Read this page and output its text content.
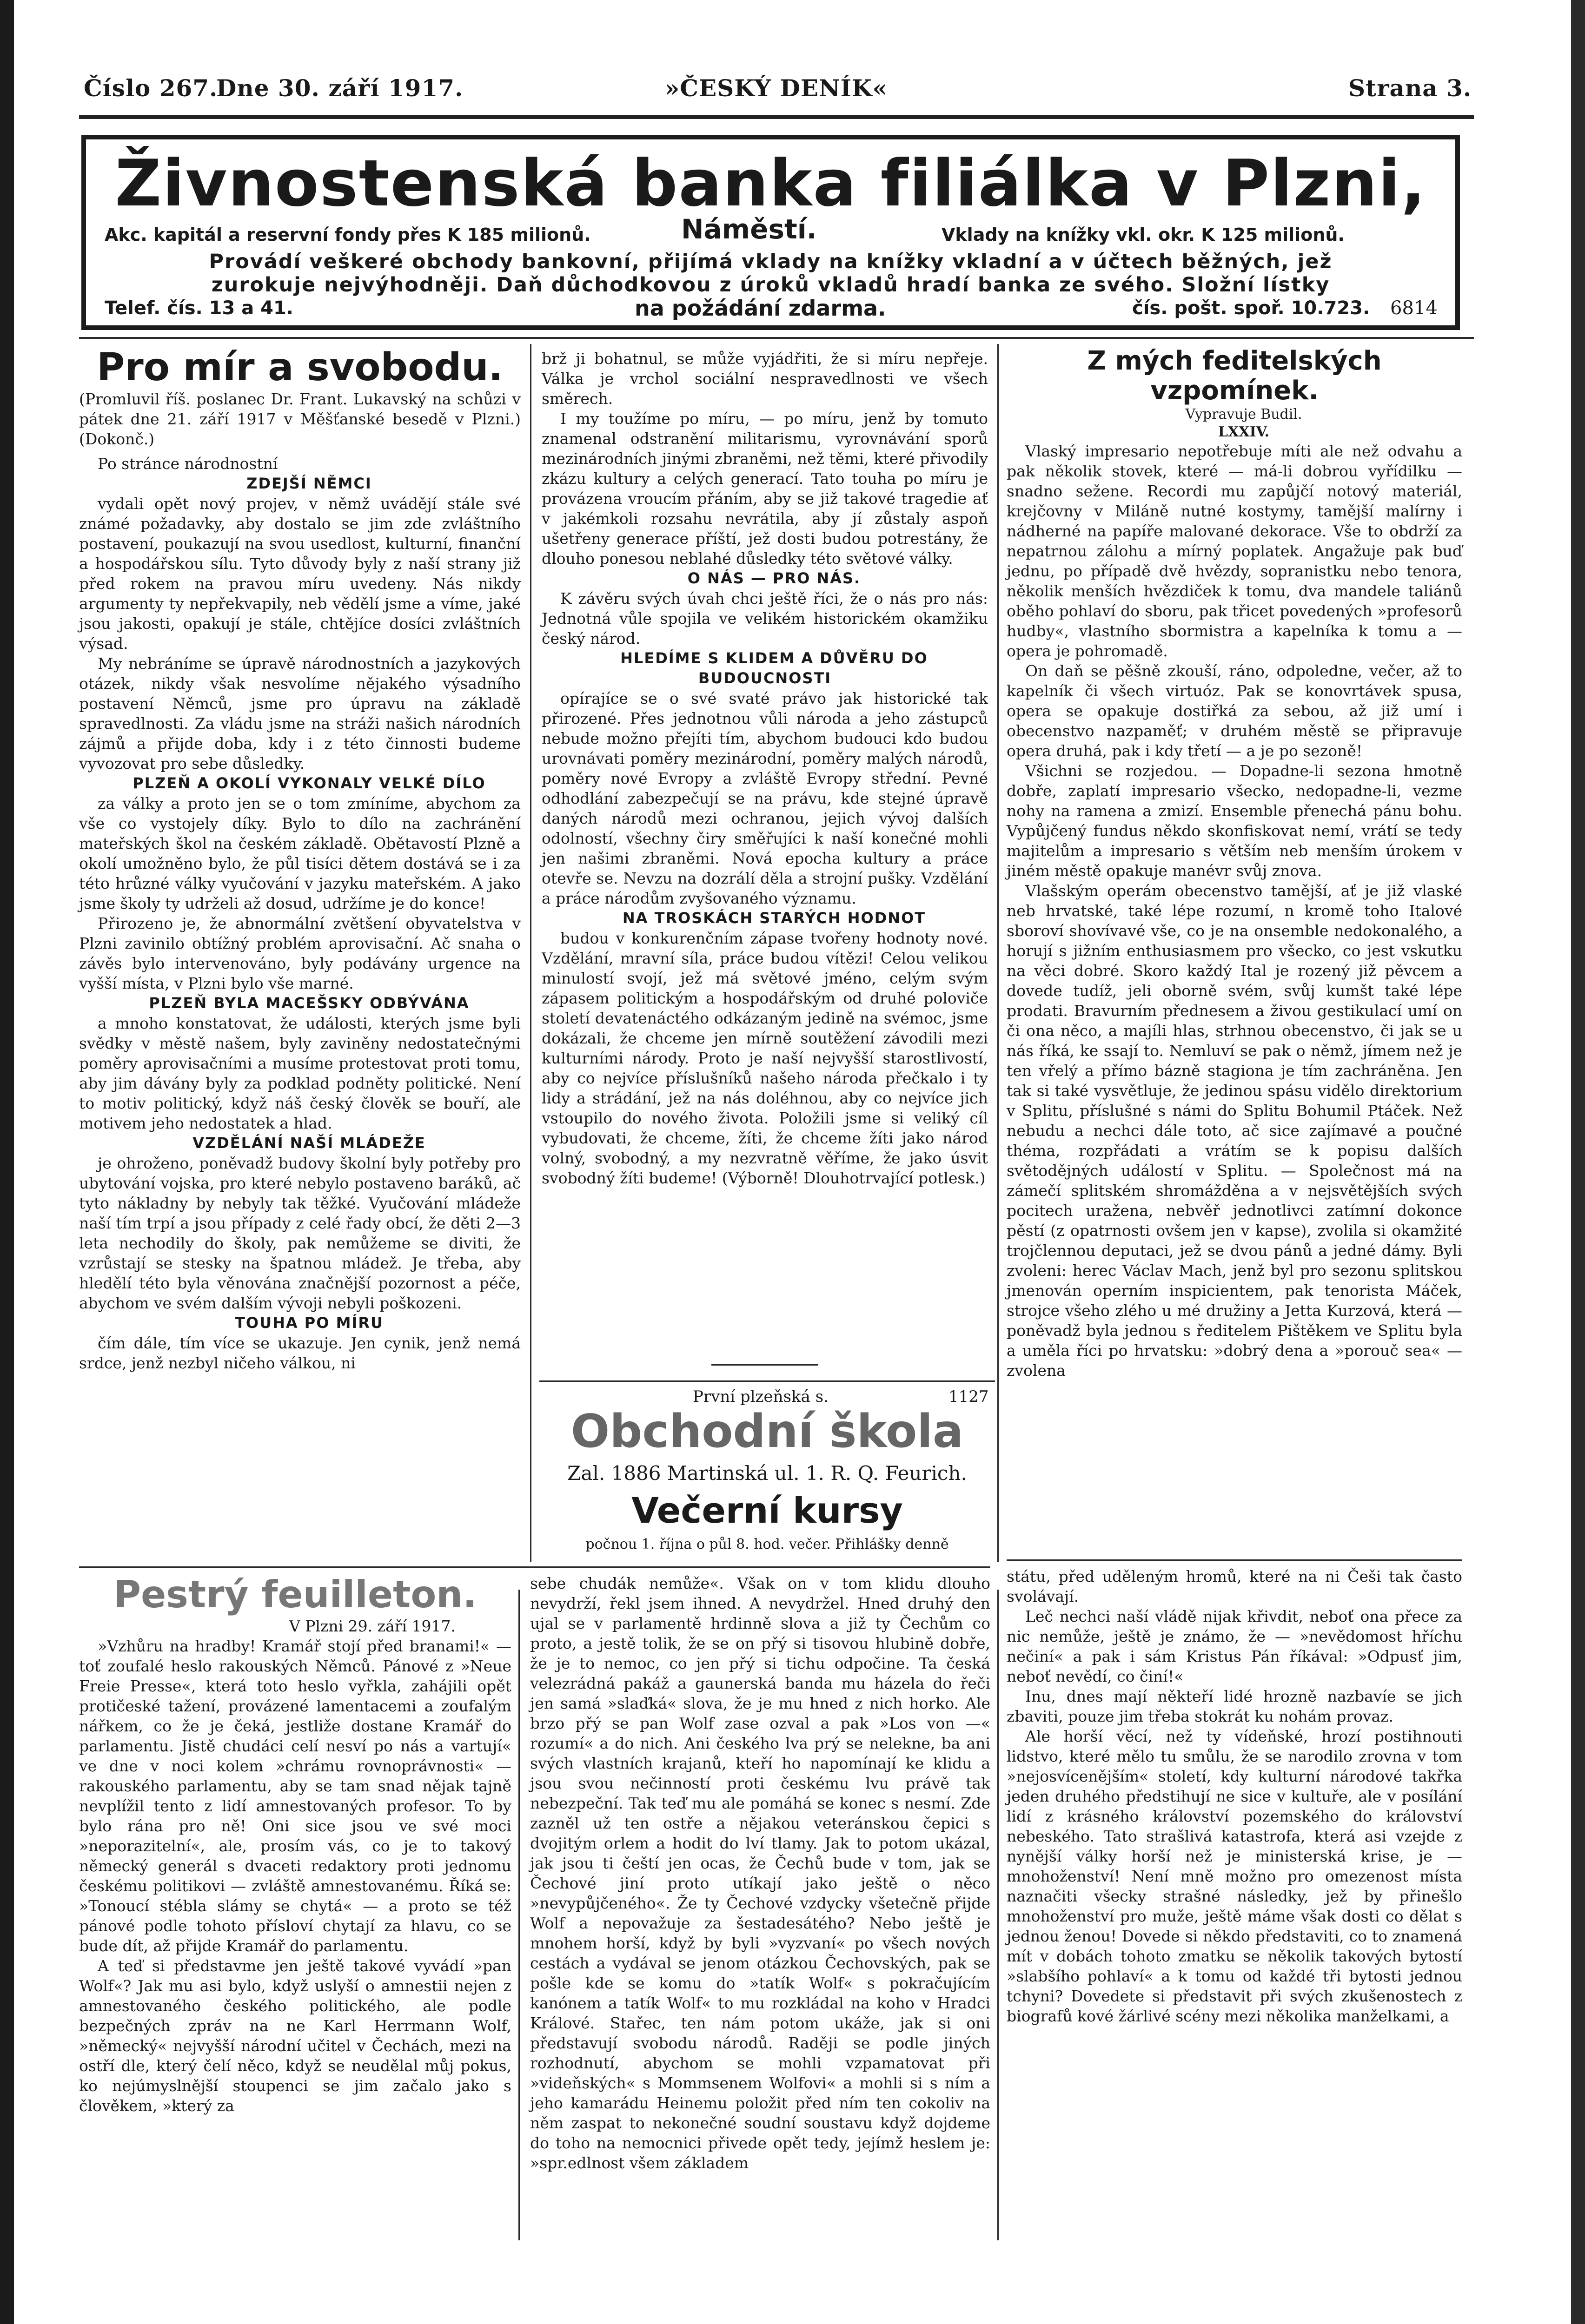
Číslo 267.
Dne 30. září 1917.	»ČESKÝ DENÍK«	Strana 3.

Živnostenská banka filiálka v Plzni,

Akc. kapitál a reservní fondy přes K 185 milionů.	Náměstí.	Vklady na knížky vkl. okr. K 125 milionů.
Provádí veškeré obchody bankovní, přijímá vklady na knížky vkladní a v účtech běžných, jež
zurokuje nejvýhodněji. Daň důchodkovou z úroků vkladů hradí banka ze svého. Složní lístky
Telef. čís. 13 a 41.	na požádání zdarma.	čís. pošt. spoř. 10.723. 6814

Pro mír a svobodu.

(Promluvil říš. poslanec Dr. Frant. Lukavský na schůzi v pátek dne 21. září 1917 v Měšťanské besedě v Plzni.) (Dokonč.)

Po stránce národnostní

ZDEJŠÍ NĚMCI

vydali opět nový projev, v němž uvádějí stále své známé požadavky, aby dostalo se jim zde zvláštního postavení, poukazují na svou usedlost, kulturní, finanční a hospodářskou sílu. Tyto důvody byly z naší strany již před rokem na pravou míru uvedeny. Nás nikdy argumenty ty nepřekvapily, neb vědělí jsme a víme, jaké jsou jakosti, opakují je stále, chtějíce dosíci zvláštních výsad.

My nebráníme se úpravě národnostních a jazykových otázek, nikdy však nesvolíme nějakého výsadního postavení Němců, jsme pro úpravu na základě spravedlnosti. Za vládu jsme na stráži našich národních zájmů a přijde doba, kdy i z této činnosti budeme vyvozovat pro sebe důsledky.

PLZEŇ A OKOLÍ VYKONALY VELKÉ DÍLO

za války a proto jen se o tom zmíníme, abychom za vše co vystojely díky. Bylo to dílo na zachránění mateřských škol na českém základě. Obětavostí Plzně a okolí umožněno bylo, že půl tisíci dětem dostává se i za této hrůzné války vyučování v jazyku mateřském. A jako jsme školy ty udrželi až dosud, udržíme je do konce!

Přirozeno je, že abnormální zvětšení obyvatelstva v Plzni zavinilo obtížný problém aprovisační. Ač snaha o závěs bylo intervenováno, byly podávány urgence na vyšší místa, v Plzni bylo vše marné.

PLZEŇ BYLA MACEŠSKY ODBÝVÁNA

a mnoho konstatovat, že události, kterých jsme byli svědky v městě našem, byly zaviněny nedostatečnými poměry aprovisačními a musíme protestovat proti tomu, aby jim dávány byly za podklad podněty politické. Není to motiv politický, když náš český člověk se bouří, ale motivem jeho nedostatek a hlad.

VZDĚLÁNÍ NAŠÍ MLÁDEŽE

je ohroženo, poněvadž budovy školní byly potřeby pro ubytování vojska, pro které nebylo postaveno baráků, ač tyto nákladny by nebyly tak těžké. Vyučování mládeže naší tím trpí a jsou případy z celé řady obcí, že děti 2—3 leta nechodily do školy, pak nemůžeme se diviti, že vzrůstají se stesky na špatnou mládež. Je třeba, aby hledělí této byla věnována značnější pozornost a péče, abychom ve svém dalším vývoji nebyli poškozeni.

TOUHA PO MÍRU

čím dále, tím více se ukazuje. Jen cynik, jenž nemá srdce, jenž nezbyl ničeho válkou, ni

brž ji bohatnul, se může vyjádřiti, že si míru nepřeje. Válka je vrchol sociální nespravedlnosti ve všech směrech.

I my toužíme po míru, — po míru, jenž by tomuto znamenal odstranění militarismu, vyrovnávání sporů mezinárodních jinými zbraněmi, než těmi, které přivodily zkázu kultury a celých generací. Tato touha po míru je provázena vroucím přáním, aby se již takové tragedie ať v jakémkoli rozsahu nevrátila, aby jí zůstaly aspoň ušetřeny generace příští, jež dosti budou potrestány, že dlouho ponesou neblahé důsledky této světové války.

O NÁS — PRO NÁS.

K závěru svých úvah chci ještě říci, že o nás pro nás: Jednotná vůle spojila ve velikém historickém okamžiku český národ.

HLEDÍME S KLIDEM A DŮVĚRU DO BUDOUCNOSTI

opírajíce se o své svaté právo jak historické tak přirozené. Přes jednotnou vůli národa a jeho zástupců nebude možno přejíti tím, abychom budouci kdo budou urovnávati poměry mezinárodní, poměry malých národů, poměry nové Evropy a zvláště Evropy střední. Pevné odhodlání zabezpečují se na právu, kde stejné úpravě daných národů mezi ochranou, jejich vývoj dalších odolností, všechny čiry směřujíci k naší konečné mohli jen našimi zbraněmi. Nová epocha kultury a práce otevře se. Nevzu na dozrálí děla a strojní pušky. Vzdělání a práce národům zvyšovaného významu.

NA TROSKÁCH STARÝCH HODNOT

budou v konkurenčním zápase tvořeny hodnoty nové. Vzdělání, mravní síla, práce budou vítězi! Celou velikou minulostí svojí, jež má světové jméno, celým svým zápasem politickým a hospodářským od druhé poloviče století devatenáctého odkázaným jedině na svémoc, jsme dokázali, že chceme jen mírně soutěžení závodili mezi kulturními národy. Proto je naší nejvyšší starostlivostí, aby co nejvíce příslušníků našeho národa přečkalo i ty lidy a strádání, jež na nás doléhnou, aby co nejvíce jich vstoupilo do nového života. Položili jsme si veliký cíl vybudovati, že chceme, žíti, že chceme žíti jako národ volný, svobodný, a my nezvratně věříme, že jako úsvit svobodný žíti budeme! (Výborně! Dlouhotrvající potlesk.)

První plzeňská s.	1127
Obchodní škola
Zal. 1886 Martinská ul. 1. R. Q. Feurich.
Večerní kursy
počnou 1. října o půl 8. hod. večer. Přihlášky denně

Z mých feditelských vzpomínek.

Vypravuje Budil.

LXXIV.

Vlaský impresario nepotřebuje míti ale než odvahu a pak několik stovek, které — má-li dobrou vyřídilku — snadno sežene. Recordi mu zapůjčí notový materiál, krejčovny v Miláně nutné kostymy, tamější malírny i nádherné na papíře malované dekorace. Vše to obdrží za nepatrnou zálohu a mírný poplatek. Angažuje pak buď jednu, po případě dvě hvězdy, sopranistku nebo tenora, několik menších hvězdiček k tomu, dva mandele taliánů oběho pohlaví do sboru, pak třicet povedených »profesorů hudby«, vlastního sbormistra a kapelníka k tomu a — opera je pohromadě.

On daň se pěšně zkouší, ráno, odpoledne, večer, až to kapelník či všech virtuóz. Pak se konovrtávek spusa, opera se opakuje dostiřká za sebou, až již umí i obecenstvo nazpaměť; v druhém městě se připravuje opera druhá, pak i kdy třetí — a je po sezoně!

Všichni se rozjedou. — Dopadne-li sezona hmotně dobře, zaplatí impresario všecko, nedopadne-li, vezme nohy na ramena a zmizí. Ensemble přenechá pánu bohu. Vypůjčený fundus někdo skonfiskovat nemí, vrátí se tedy majitelům a impresario s větším neb menším úrokem v jiném městě opakuje manévr svůj znova.

Vlašským operám obecenstvo tamější, ať je již vlaské neb hrvatské, také lépe rozumí, n kromě toho Italové sboroví shovívavé vše, co je na onsemble nedokonalého, a horují s jižním enthusiasmem pro všecko, co jest vskutku na věci dobré. Skoro každý Ital je rozený již pěvcem a dovede tudíž, jeli oborně svém, svůj kumšt také lépe prodati. Bravurním přednesem a živou gestikulací umí on či ona něco, a majíli hlas, strhnou obecenstvo, či jak se u nás říká, ke ssají to. Nemluví se pak o němž, jímem než je ten vřelý a přímo bázně stagiona je tím zachráněna. Jen tak si také vysvětluje, že jedinou spásu vidělo direktorium v Splitu, příslušné s námi do Splitu Bohumil Ptáček. Než nebudu a nechci dále toto, ač sice zajímavé a poučné théma, rozpřádati a vrátím se k popisu dalších světodějných událostí v Splitu. — Společnost má na zámečí splitském shromážděna a v nejsvětějších svých pocitech uražena, nebvěř jednotlivci zatímní dokonce pěstí (z opatrnosti ovšem jen v kapse), zvolila si okamžité trojčlennou deputaci, jež se dvou pánů a jedné dámy. Byli zvoleni: herec Václav Mach, jenž byl pro sezonu splitskou jmenován operním inspicientem, pak tenorista Máček, strojce všeho zlého u mé družiny a Jetta Kurzová, která — poněvadž byla jednou s ředitelem Pištěkem ve Splitu byla a uměla říci po hrvatsku: »dobrý dena a »porouč sea« — zvolena

státu, před uděleným hromů, které na ni Češi tak často svolávají.

Leč nechci naší vládě nijak křivdit, neboť ona přece za nic nemůže, ještě je známo, že — »nevědomost hříchu nečiní« a pak i sám Kristus Pán říkával: »Odpusť jim, neboť nevědí, co činí!«

Inu, dnes mají někteří lidé hrozně nazbavíe se jich zbaviti, pouze jim třeba stokrát ku nohám provaz.

Ale horší věcí, než ty vídeňské, hrozí postihnouti lidstvo, které mělo tu smůlu, že se narodilo zrovna v tom »nejosvícenějším« století, kdy kulturní národové takřka jeden druhého předstihují ne sice v kultuře, ale v posílání lidí z krásného království pozemského do království nebeského. Tato strašlivá katastrofa, která asi vzejde z nynější války horší než je ministerská krise, je — mnohoženství! Není mně možno pro omezenost místa naznačiti všecky strašné následky, jež by přinešlo mnohoženství pro muže, ještě máme však dosti co dělat s jednou ženou! Dovede si někdo představiti, co to znamená mít v dobách tohoto zmatku se několik takových bytostí »slabšího pohlaví« a k tomu od každé tři bytosti jednou tchyni? Dovedete si představit při svých zkušenostech z biografů kové žárlivé scény mezi několika manželkami, a

Pestrý feuilleton.

V Plzni 29. září 1917.

»Vzhůru na hradby! Kramář stojí před branami!« — toť zoufalé heslo rakouských Němců. Pánové z »Neue Freie Presse«, která toto heslo vyřkla, zahájili opět protičeské tažení, provázené lamentacemi a zoufalým nářkem, co že je čeká, jestliže dostane Kramář do parlamentu. Jistě chudáci celí nesví po nás a vartují« ve dne v noci kolem »chrámu rovnoprávnosti« — rakouského parlamentu, aby se tam snad nějak tajně nevplížil tento z lidí amnestovaných profesor. To by bylo rána pro ně! Oni sice jsou ve své moci »neporazitelní«, ale, prosím vás, co je to takový německý generál s dvaceti redaktory proti jednomu českému politikovi — zvláště amnestovanému. Říká se: »Tonoucí stébla slámy se chytá« — a proto se též pánové podle tohoto přísloví chytají za hlavu, co se bude dít, až přijde Kramář do parlamentu.

A teď si představme jen ještě takové vyvádí »pan Wolf«? Jak mu asi bylo, když uslyší o amnestii nejen z amnestovaného českého politického, ale podle bezpečných zpráv na ne Karl Herrmann Wolf, »německý« nejvyšší národní učitel v Čechách, mezi na ostří dle, který čelí něco, když se neudělal můj pokus, ko nejúmyslnější stoupenci se jim začalo jako s člověkem, »který za

sebe chudák nemůže«. Však on v tom klidu dlouho nevydrží, řekl jsem ihned. A nevydržel. Hned druhý den ujal se v parlamentě hrdinně slova a již ty Čechům co proto, a jestě tolik, že se on přý si tisovou hlubině dobře, že je to nemoc, co jen přý si tichu odpočine. Ta česká velezrádná pakáž a gaunerská banda mu házela do řeči jen samá »slaďká« slova, že je mu hned z nich horko. Ale brzo přý se pan Wolf zase ozval a pak »Los von —« rozumí« a do nich. Ani českého lva prý se nelekne, ba ani svých vlastních krajanů, kteří ho napomínají ke klidu a jsou svou nečinností proti českému lvu právě tak nebezpeční. Tak teď mu ale pomáhá se konec s nesmí. Zde zazněl už ten ostře a nějakou veteránskou čepici s dvojitým orlem a hodit do lví tlamy. Jak to potom ukázal, jak jsou ti čeští jen ocas, že Čechů bude v tom, jak se Čechové jiní proto utíkají jako ještě o něco »nevypůjčeného«. Že ty Čechové vzdycky všetečně přijde Wolf a nepovažuje za šestadesátého? Nebo ještě je mnohem horší, když by byli »vyzvaní« po všech nových cestách a vydával se jenom otázkou Čechovských, pak se pošle kde se komu do »tatík Wolf« s pokračujícím kanónem a tatík Wolf« to mu rozkládal na koho v Hradci Králové. Stařec, ten nám potom ukáže, jak si oni představují svobodu národů. Raději se podle jiných rozhodnutí, abychom se mohli vzpamatovat při »videňských« s Mommsenem Wolfovi« a mohli si s ním a jeho kamarádu Heinemu položit před ním ten cokoliv na něm zaspat to nekonečné soudní soustavu když dojdeme do toho na nemocnici přivede opět tedy, jejímž heslem je: »spr.edlnost všem základem
